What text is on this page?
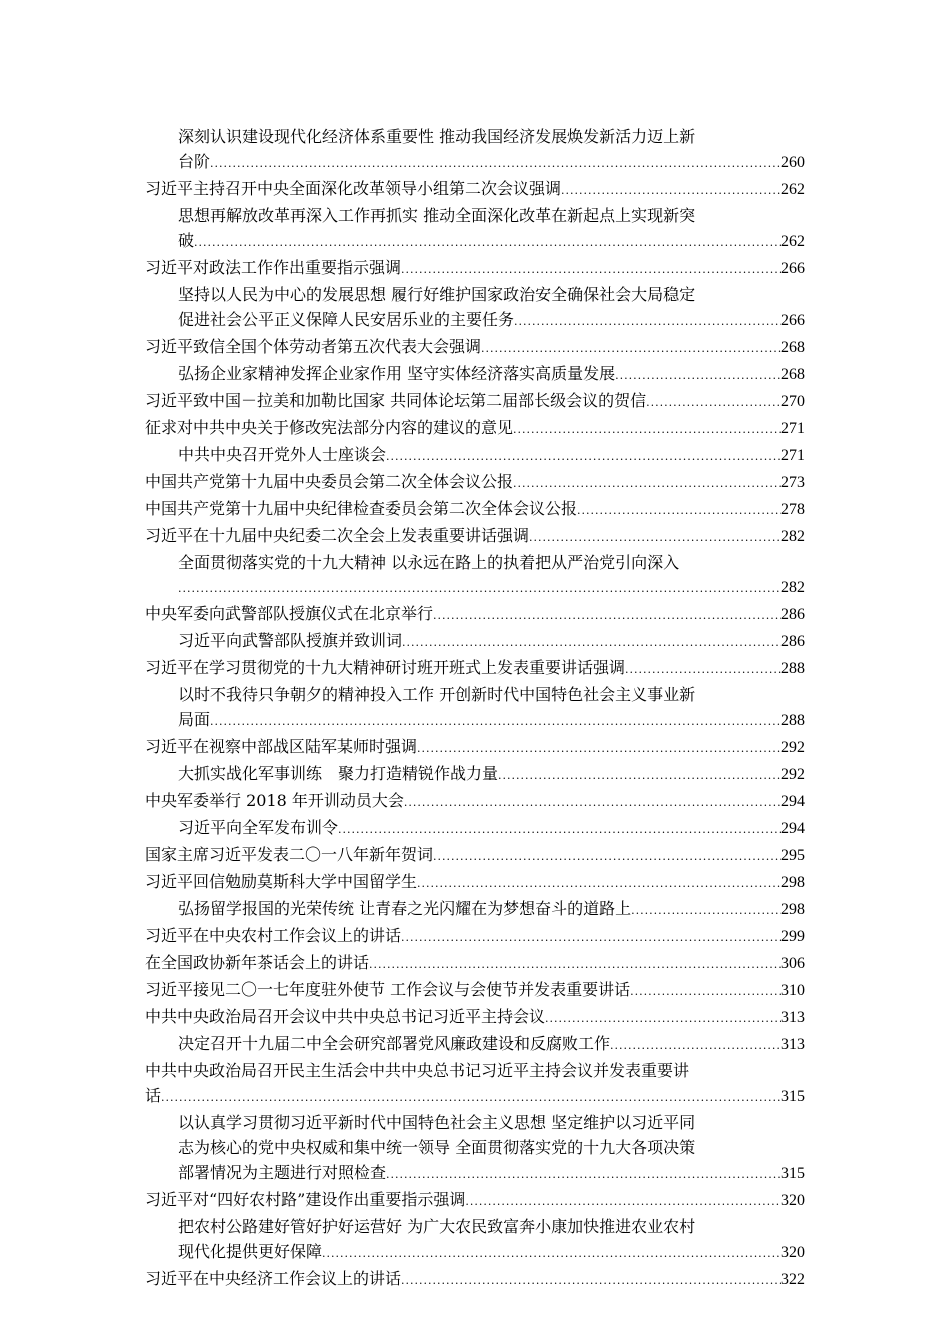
深刻认识建设现代化经济体系重要性 推动我国经济发展焕发新活力迈上新
台阶 .....	260
习近平主持召开中央全面深化改革领导小组第二次会议强调 .....	262
思想再解放改革再深入工作再抓实 推动全面深化改革在新起点上实现新突
破 .....	262
习近平对政法工作作出重要指示强调 .....	266
坚持以人民为中心的发展思想 履行好维护国家政治安全确保社会大局稳定
促进社会公平正义保障人民安居乐业的主要任务 .....	266
习近平致信全国个体劳动者第五次代表大会强调 .....	268
弘扬企业家精神发挥企业家作用 坚守实体经济落实高质量发展 .....	268
习近平致中国－拉美和加勒比国家 共同体论坛第二届部长级会议的贺信 .....	270
征求对中共中央关于修改宪法部分内容的建议的意见 .....	271
中共中央召开党外人士座谈会 .....	271
中国共产党第十九届中央委员会第二次全体会议公报 .....	273
中国共产党第十九届中央纪律检查委员会第二次全体会议公报 .....	278
习近平在十九届中央纪委二次全会上发表重要讲话强调 .....	282
全面贯彻落实党的十九大精神 以永远在路上的执着把从严治党引向深入
.....
282
中央军委向武警部队授旗仪式在北京举行 .....	286
习近平向武警部队授旗并致训词 .....	286
习近平在学习贯彻党的十九大精神研讨班开班式上发表重要讲话强调 .....	288
以时不我待只争朝夕的精神投入工作 开创新时代中国特色社会主义事业新
局面 .....	288
习近平在视察中部战区陆军某师时强调 .....	292
大抓实战化军事训练　聚力打造精锐作战力量 .....	292
中央军委举行 2018 年开训动员大会 .....	294
习近平向全军发布训令 .....	294
国家主席习近平发表二〇一八年新年贺词 .....	295
习近平回信勉励莫斯科大学中国留学生 .....	298
弘扬留学报国的光荣传统 让青春之光闪耀在为梦想奋斗的道路上 .....	298
习近平在中央农村工作会议上的讲话 .....	299
在全国政协新年茶话会上的讲话 .....	306
习近平接见二〇一七年度驻外使节 工作会议与会使节并发表重要讲话 .....	310
中共中央政治局召开会议中共中央总书记习近平主持会议 .....	313
决定召开十九届二中全会研究部署党风廉政建设和反腐败工作 .....	313
中共中央政治局召开民主生活会中共中央总书记习近平主持会议并发表重要讲
话 .....	315
以认真学习贯彻习近平新时代中国特色社会主义思想 坚定维护以习近平同
志为核心的党中央权威和集中统一领导 全面贯彻落实党的十九大各项决策
部署情况为主题进行对照检查 .....	315
习近平对“四好农村路”建设作出重要指示强调 .....	320
把农村公路建好管好护好运营好 为广大农民致富奔小康加快推进农业农村
现代化提供更好保障 .....	320
习近平在中央经济工作会议上的讲话 .....	322
